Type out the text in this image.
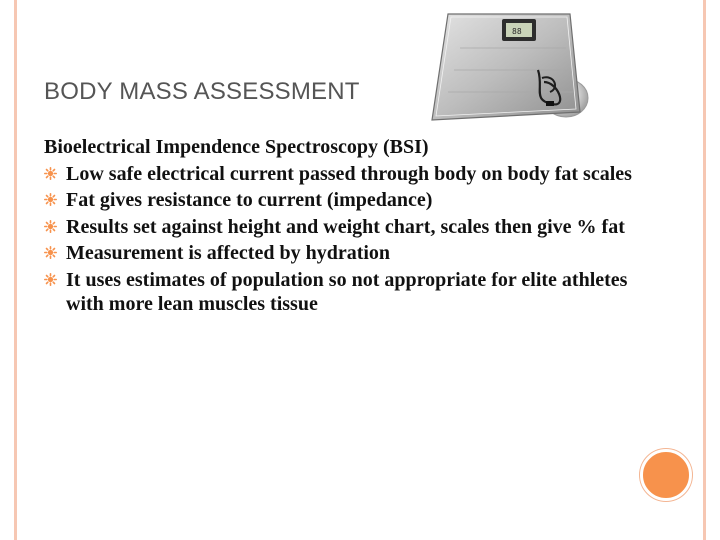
88
BODY MASS ASSESSMENT

Bioelectrical Impendence Spectroscopy (BSI)

Low safe electrical current passed through body on body fat scales
Fat gives resistance to current (impedance)
Results set against height and weight chart, scales then give % fat
Measurement is affected by hydration
It uses estimates of population so not appropriate for elite athletes with more lean muscles tissue
